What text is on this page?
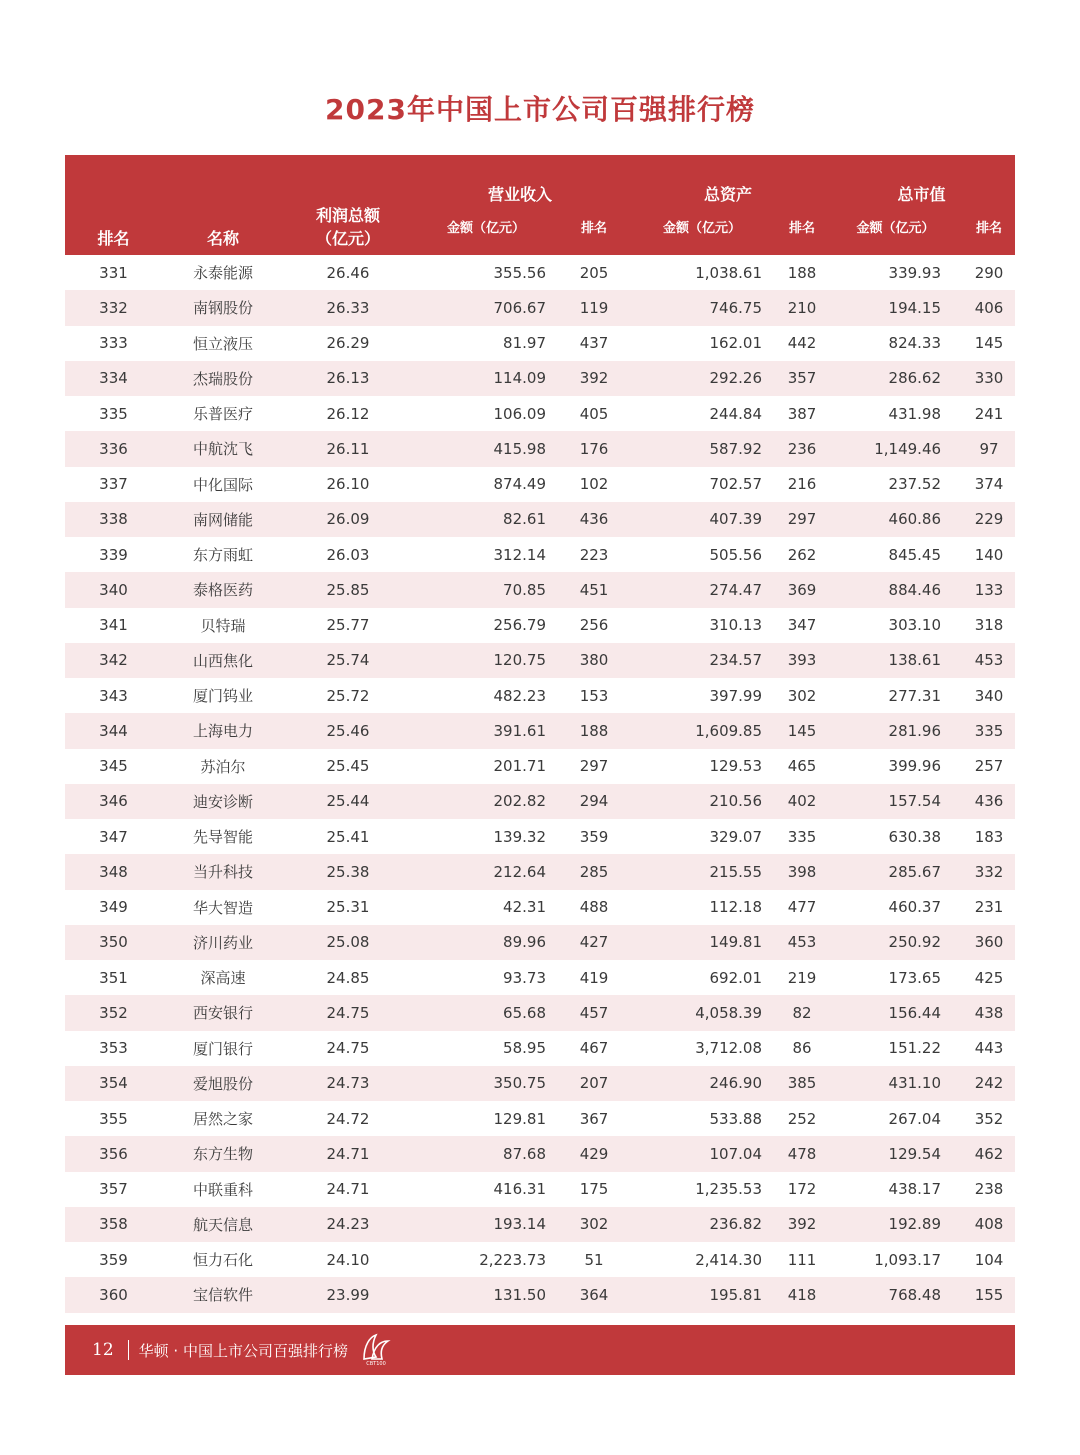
2023年中国上市公司百强排行榜
排名	名称	利润总额
（亿元）	营业收入		总资产		总市值	
			金额（亿元）	排名	金额（亿元）	排名	金额（亿元）	排名
331	永泰能源	26.46	355.56	205	1,038.61	188	339.93	290
332	南钢股份	26.33	706.67	119	746.75	210	194.15	406
333	恒立液压	26.29	81.97	437	162.01	442	824.33	145
334	杰瑞股份	26.13	114.09	392	292.26	357	286.62	330
335	乐普医疗	26.12	106.09	405	244.84	387	431.98	241
336	中航沈飞	26.11	415.98	176	587.92	236	1,149.46	97
337	中化国际	26.10	874.49	102	702.57	216	237.52	374
338	南网储能	26.09	82.61	436	407.39	297	460.86	229
339	东方雨虹	26.03	312.14	223	505.56	262	845.45	140
340	泰格医药	25.85	70.85	451	274.47	369	884.46	133
341	贝特瑞	25.77	256.79	256	310.13	347	303.10	318
342	山西焦化	25.74	120.75	380	234.57	393	138.61	453
343	厦门钨业	25.72	482.23	153	397.99	302	277.31	340
344	上海电力	25.46	391.61	188	1,609.85	145	281.96	335
345	苏泊尔	25.45	201.71	297	129.53	465	399.96	257
346	迪安诊断	25.44	202.82	294	210.56	402	157.54	436
347	先导智能	25.41	139.32	359	329.07	335	630.38	183
348	当升科技	25.38	212.64	285	215.55	398	285.67	332
349	华大智造	25.31	42.31	488	112.18	477	460.37	231
350	济川药业	25.08	89.96	427	149.81	453	250.92	360
351	深高速	24.85	93.73	419	692.01	219	173.65	425
352	西安银行	24.75	65.68	457	4,058.39	82	156.44	438
353	厦门银行	24.75	58.95	467	3,712.08	86	151.22	443
354	爱旭股份	24.73	350.75	207	246.90	385	431.10	242
355	居然之家	24.72	129.81	367	533.88	252	267.04	352
356	东方生物	24.71	87.68	429	107.04	478	129.54	462
357	中联重科	24.71	416.31	175	1,235.53	172	438.17	238
358	航天信息	24.23	193.14	302	236.82	392	192.89	408
359	恒力石化	24.10	2,223.73	51	2,414.30	111	1,093.17	104
360	宝信软件	23.99	131.50	364	195.81	418	768.48	155
12 华顿 · 中国上市公司百强排行榜
CBT100
